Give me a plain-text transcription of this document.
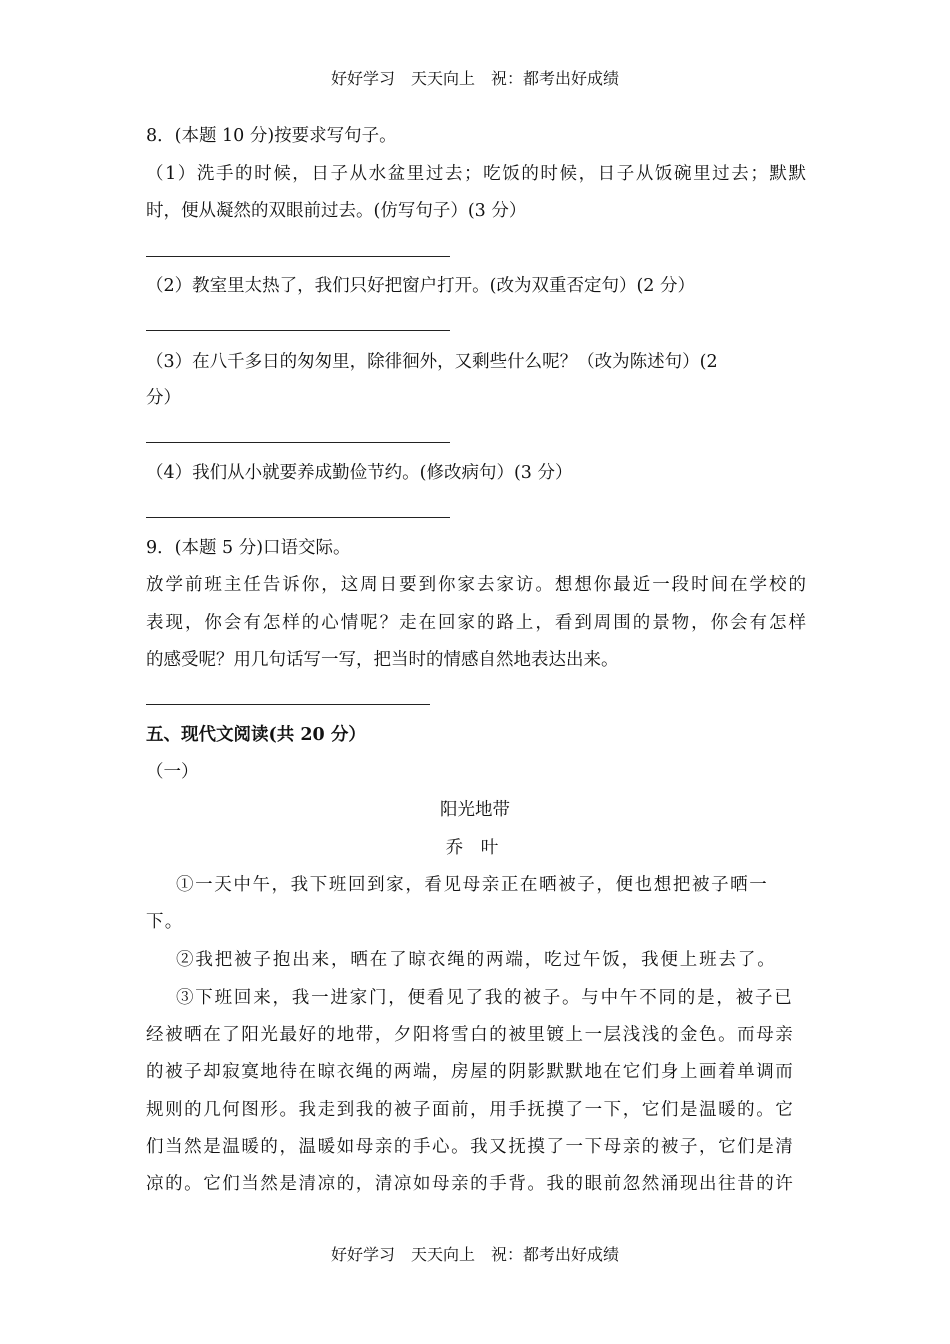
好好学习　天天向上　祝：都考出好成绩
8．(本题 10 分)按要求写句子。
（1）洗手的时候，日子从水盆里过去；吃饭的时候，日子从饭碗里过去；默默
时，便从凝然的双眼前过去。(仿写句子）(3 分）
（2）教室里太热了，我们只好把窗户打开。(改为双重否定句）(2 分）
（3）在八千多日的匆匆里，除徘徊外，又剩些什么呢？（改为陈述句）(2
分）
（4）我们从小就要养成勤俭节约。(修改病句）(3 分）
9．(本题 5 分)口语交际。
放学前班主任告诉你，这周日要到你家去家访。想想你最近一段时间在学校的
表现，你会有怎样的心情呢？走在回家的路上，看到周围的景物，你会有怎样
的感受呢？用几句话写一写，把当时的情感自然地表达出来。
五、现代文阅读(共 20 分）
（一）
阳光地带
乔 叶
①一天中午，我下班回到家，看见母亲正在晒被子，便也想把被子晒一
下。
②我把被子抱出来，晒在了晾衣绳的两端，吃过午饭，我便上班去了。
③下班回来，我一进家门，便看见了我的被子。与中午不同的是，被子已
经被晒在了阳光最好的地带，夕阳将雪白的被里镀上一层浅浅的金色。而母亲
的被子却寂寞地待在晾衣绳的两端，房屋的阴影默默地在它们身上画着单调而
规则的几何图形。我走到我的被子面前，用手抚摸了一下，它们是温暖的。它
们当然是温暖的，温暖如母亲的手心。我又抚摸了一下母亲的被子，它们是清
凉的。它们当然是清凉的，清凉如母亲的手背。我的眼前忽然涌现出往昔的许
好好学习　天天向上　祝：都考出好成绩
